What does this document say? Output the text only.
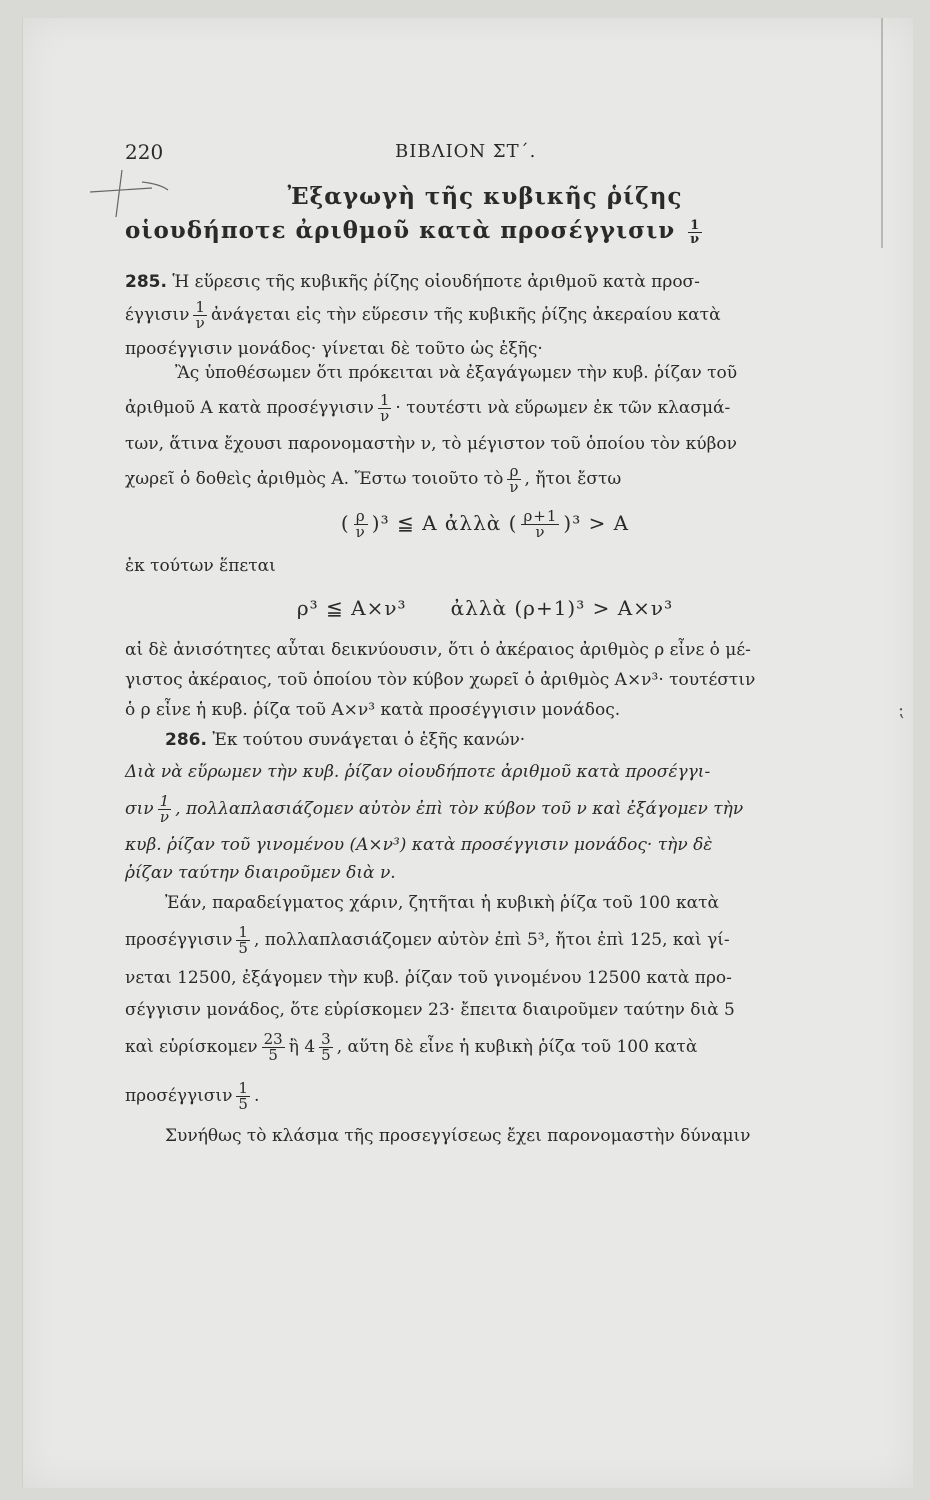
⁏
220	ΒΙΒΛΙΟΝ ΣΤ΄.
Ἐξαγωγὴ τῆς κυβικῆς ῥίζης
οἱουδήποτε ἀριθμοῦ κατὰ προσέγγισιν $\frac{1}{\nu}$

285. Ἡ εὕρεσις τῆς κυβικῆς ῥίζης οἱουδήποτε ἀριθμοῦ κατὰ προσ-

έγγισιν $\frac{1}{\nu}$ ἀνάγεται εἰς τὴν εὕρεσιν τῆς κυβικῆς ῥίζης ἀκεραίου κατὰ

προσέγγισιν μονάδος· γίνεται δὲ τοῦτο ὡς ἑξῆς·

Ἂς ὑποθέσωμεν ὅτι πρόκειται νὰ ἐξαγάγωμεν τὴν κυβ. ῥίζαν τοῦ

ἀριθμοῦ Α κατὰ προσέγγισιν $\frac{1}{\nu} \cdot \tau o\upsilon\tau έ\sigma\tau\iota$ νὰ εὕρωμεν ἐκ τῶν κλασμά-

των, ἅτινα ἔχουσι παρονομαστὴν ν, τὸ μέγιστον τοῦ ὁποίου τὸν κύβον

χωρεῖ ὁ δοθεὶς ἀριθμὸς Α. Ἔστω τοιοῦτο τὸ $\frac{\rho}{\nu}$ , ἤτοι ἔστω

( $\frac{\rho}{\nu} )^3$ ≦ Α ἀλλὰ ( $\frac{\rho+1}{\nu} )^3 > A$

ἐκ τούτων ἕπεται

ρ³ ≦ Α×ν³      ἀλλὰ (ρ+1)³ > Α×ν³

αἱ δὲ ἀνισότητες αὗται δεικνύουσιν, ὅτι ὁ ἀκέραιος ἀριθμὸς ρ εἶνε ὁ μέ-

γιστος ἀκέραιος, τοῦ ὁποίου τὸν κύβον χωρεῖ ὁ ἀριθμὸς Α×ν³· τουτέστιν

ὁ ρ εἶνε ἡ κυβ. ῥίζα τοῦ Α×ν³ κατὰ προσέγγισιν μονάδος.

286. Ἐκ τούτου συνάγεται ὁ ἑξῆς κανών·

Διὰ νὰ εὕρωμεν τὴν κυβ. ῥίζαν οἱουδήποτε ἀριθμοῦ κατὰ προσέγγι-

σιν $\frac{1}{\nu}$ , πολλαπλασιάζομεν αὐτὸν ἐπὶ τὸν κύβον τοῦ ν καὶ ἐξάγομεν τὴν

κυβ. ῥίζαν τοῦ γινομένου (Α×ν³) κατὰ προσέγγισιν μονάδος· τὴν δὲ

ῥίζαν ταύτην διαιροῦμεν διὰ ν.

Ἐάν, παραδείγματος χάριν, ζητῆται ἡ κυβικὴ ῥίζα τοῦ 100 κατὰ

προσέγγισιν $\frac{1}{5}$ , πολλαπλασιάζομεν αὐτὸν ἐπὶ 5³, ἤτοι ἐπὶ 125, καὶ γί-

νεται 12500, ἐξάγομεν τὴν κυβ. ῥίζαν τοῦ γινομένου 12500 κατὰ προ-

σέγγισιν μονάδος, ὅτε εὑρίσκομεν 23· ἔπειτα διαιροῦμεν ταύτην διὰ 5

καὶ εὑρίσκομεν $\frac{23}{5}$ ἢ $4 \frac{3}{5}$ , αὕτη δὲ εἶνε ἡ κυβικὴ ῥίζα τοῦ 100 κατὰ

προσέγγισιν $\frac{1}{5}$ .

Συνήθως τὸ κλάσμα τῆς προσεγγίσεως ἔχει παρονομαστὴν δύναμιν
